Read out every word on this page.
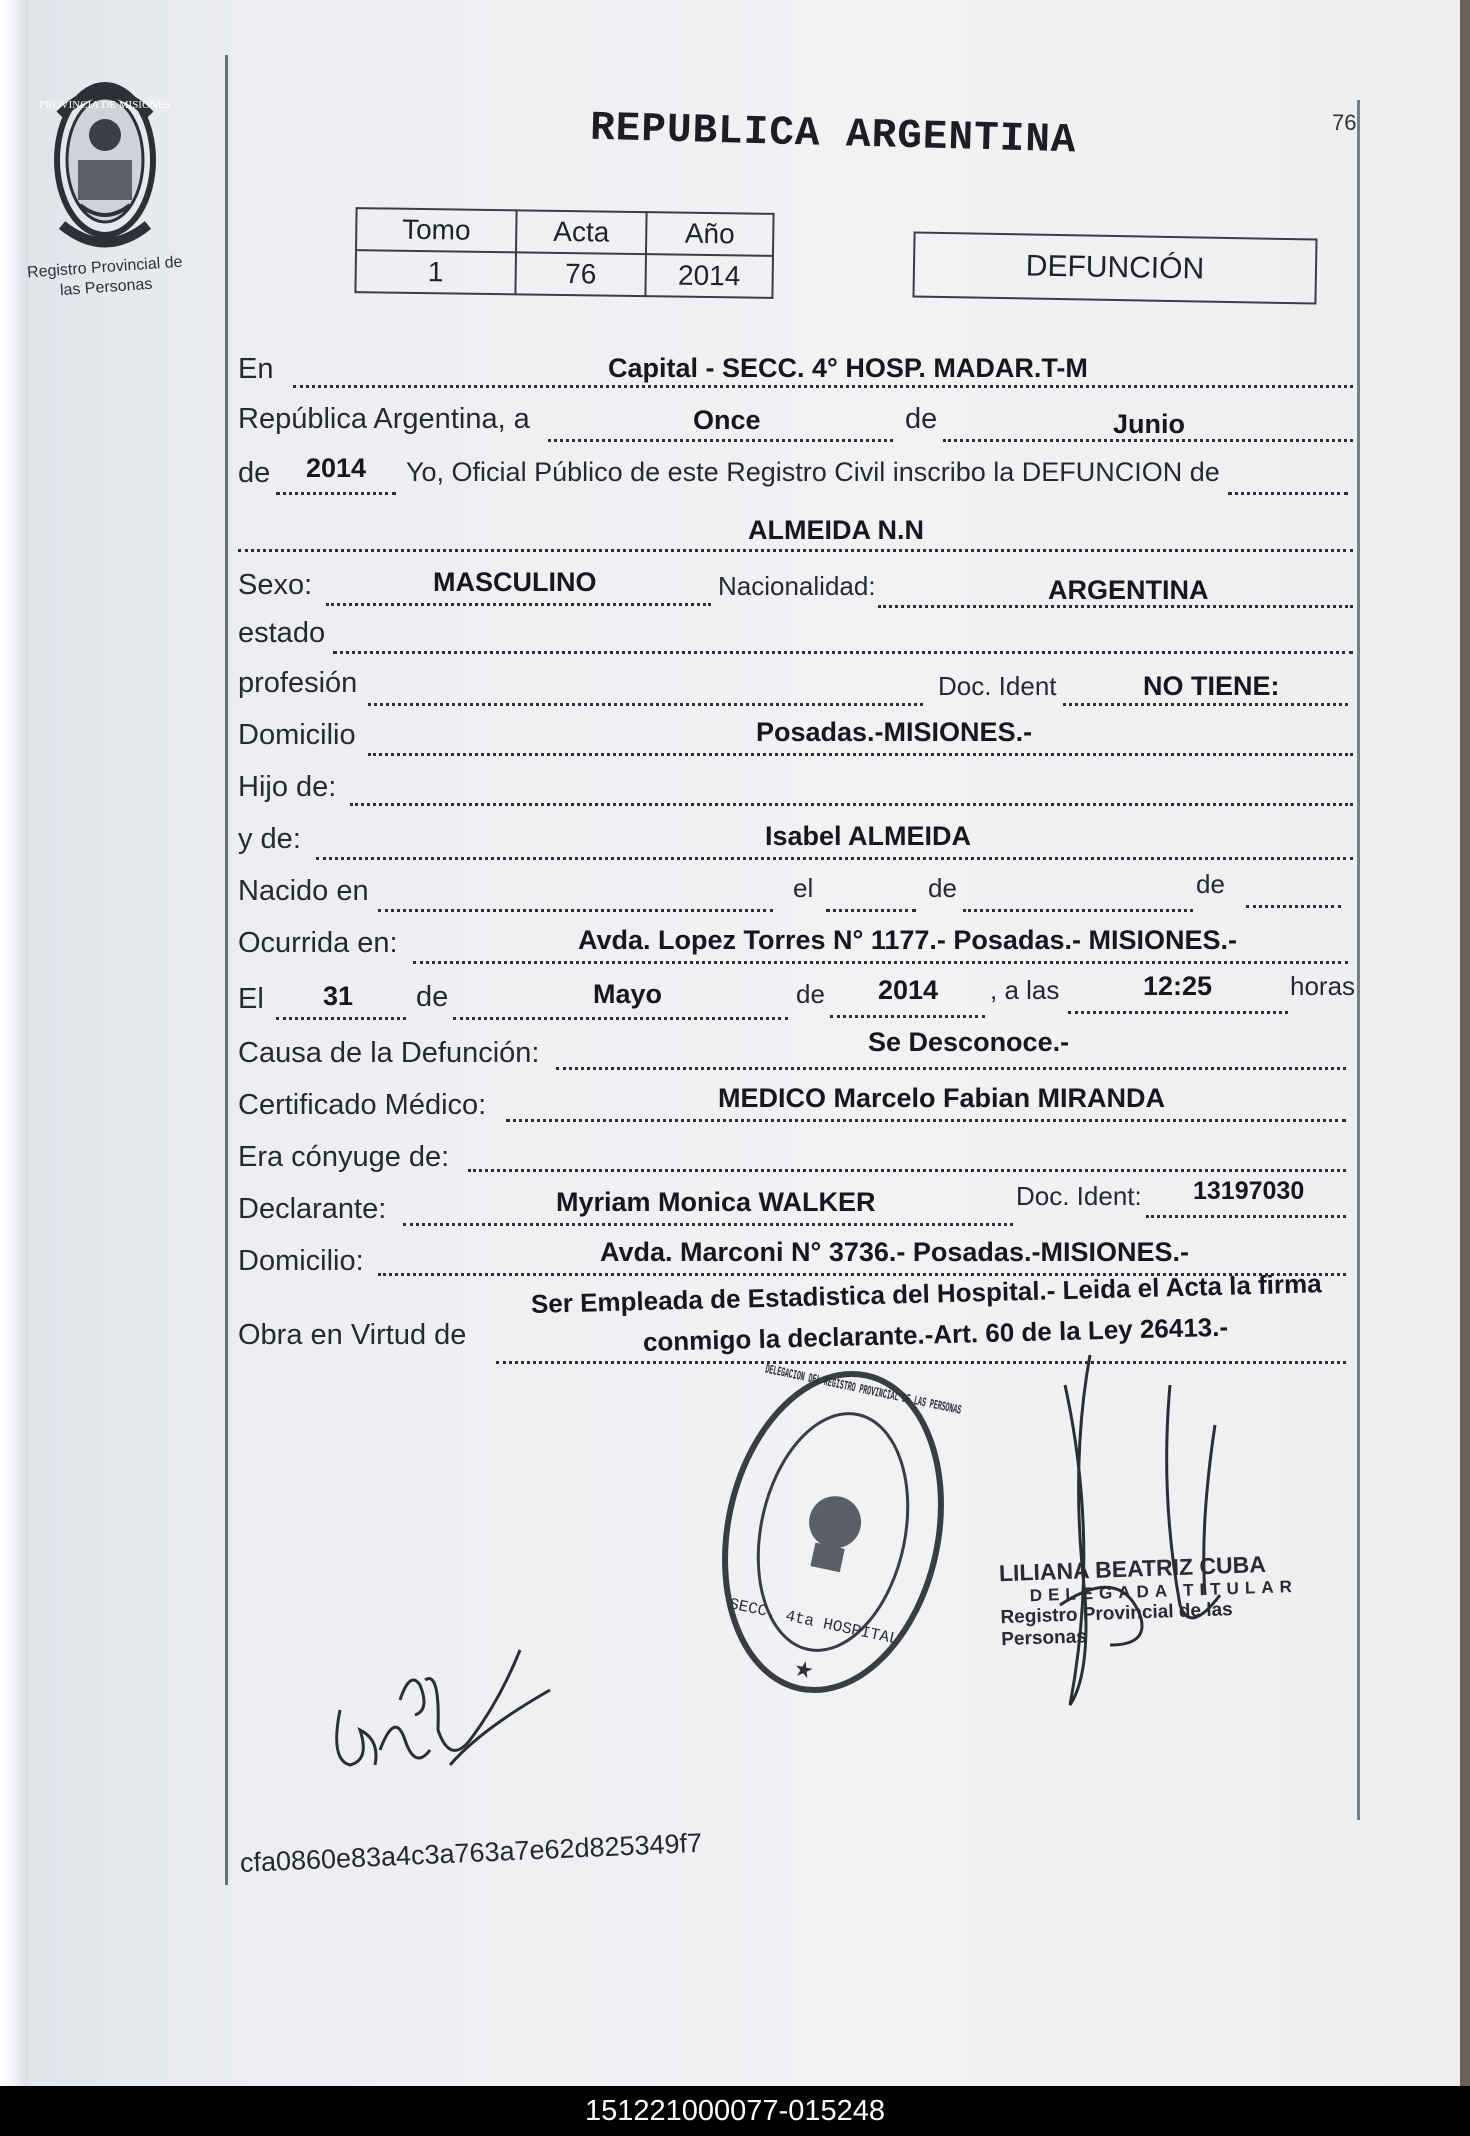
PROVINCIA DE MISIONES
Registro Provincial de las Personas
76
REPUBLICA ARGENTINA
Tomo	Acta	Año
1	76	2014	DEFUNCIÓN
En	Capital - SECC. 4° HOSP. MADAR.T-M
República Argentina, a	Once	de	Junio
de 2014 Yo, Oficial Público de este Registro Civil inscribo la DEFUNCION de
ALMEIDA N.N
Sexo:	MASCULINO	Nacionalidad:	ARGENTINA
estado
profesión	Doc. Ident	NO TIENE:
Domicilio	Posadas.-MISIONES.-
Hijo de:
y de:	Isabel ALMEIDA
Nacido en	el	de	de
Ocurrida en:	Avda. Lopez Torres N° 1177.- Posadas.- MISIONES.-
El 31 de	Mayo	de 2014 , a las	12:25	horas
Causa de la Defunción:	Se Desconoce.-
Certificado Médico:	MEDICO Marcelo Fabian MIRANDA
Era cónyuge de:
Declarante:	Myriam Monica WALKER	Doc. Ident: 13197030
Domicilio:	Avda. Marconi N° 3736.- Posadas.-MISIONES.-
Obra en Virtud de
Ser Empleada de Estadistica del Hospital.- Leida el Acta la firma
conmigo la declarante.-Art. 60 de la Ley 26413.-
DELEGACION DEL REGISTRO PROVINCIAL DE LAS PERSONAS
SECC. 4ta HOSPITAL
★
LILIANA BEATRIZ CUBA
DELEGADA TITULAR
Registro Provincial de las Personas
cfa0860e83a4c3a763a7e62d825349f7
151221000077-015248
